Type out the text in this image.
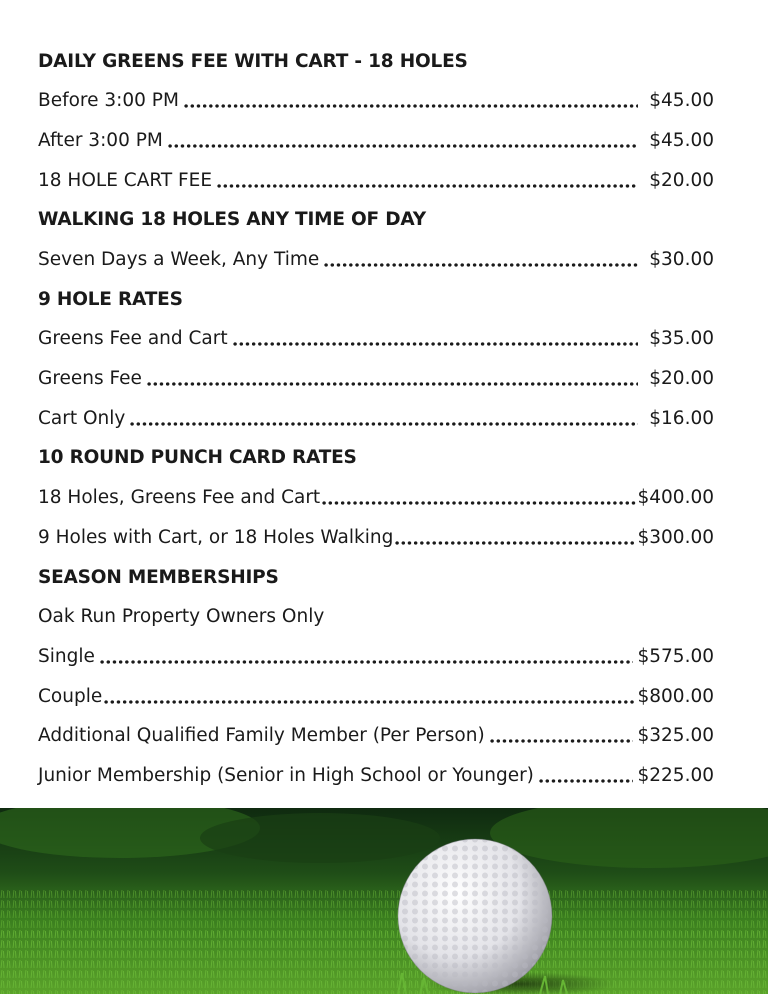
DAILY GREENS FEE WITH CART - 18 HOLES
Before 3:00 PM	$45.00
After 3:00 PM	$45.00
18 HOLE CART FEE	$20.00
WALKING 18 HOLES ANY TIME OF DAY
Seven Days a Week, Any Time	$30.00
9 HOLE RATES
Greens Fee and Cart	$35.00
Greens Fee	$20.00
Cart Only	$16.00
10 ROUND PUNCH CARD RATES
18 Holes, Greens Fee and Cart	$400.00
9 Holes with Cart, or 18 Holes Walking	$300.00
SEASON MEMBERSHIPS
Oak Run Property Owners Only
Single	$575.00
Couple	$800.00
Additional Qualified Family Member (Per Person)	$325.00
Junior Membership (Senior in High School or Younger)	$225.00
